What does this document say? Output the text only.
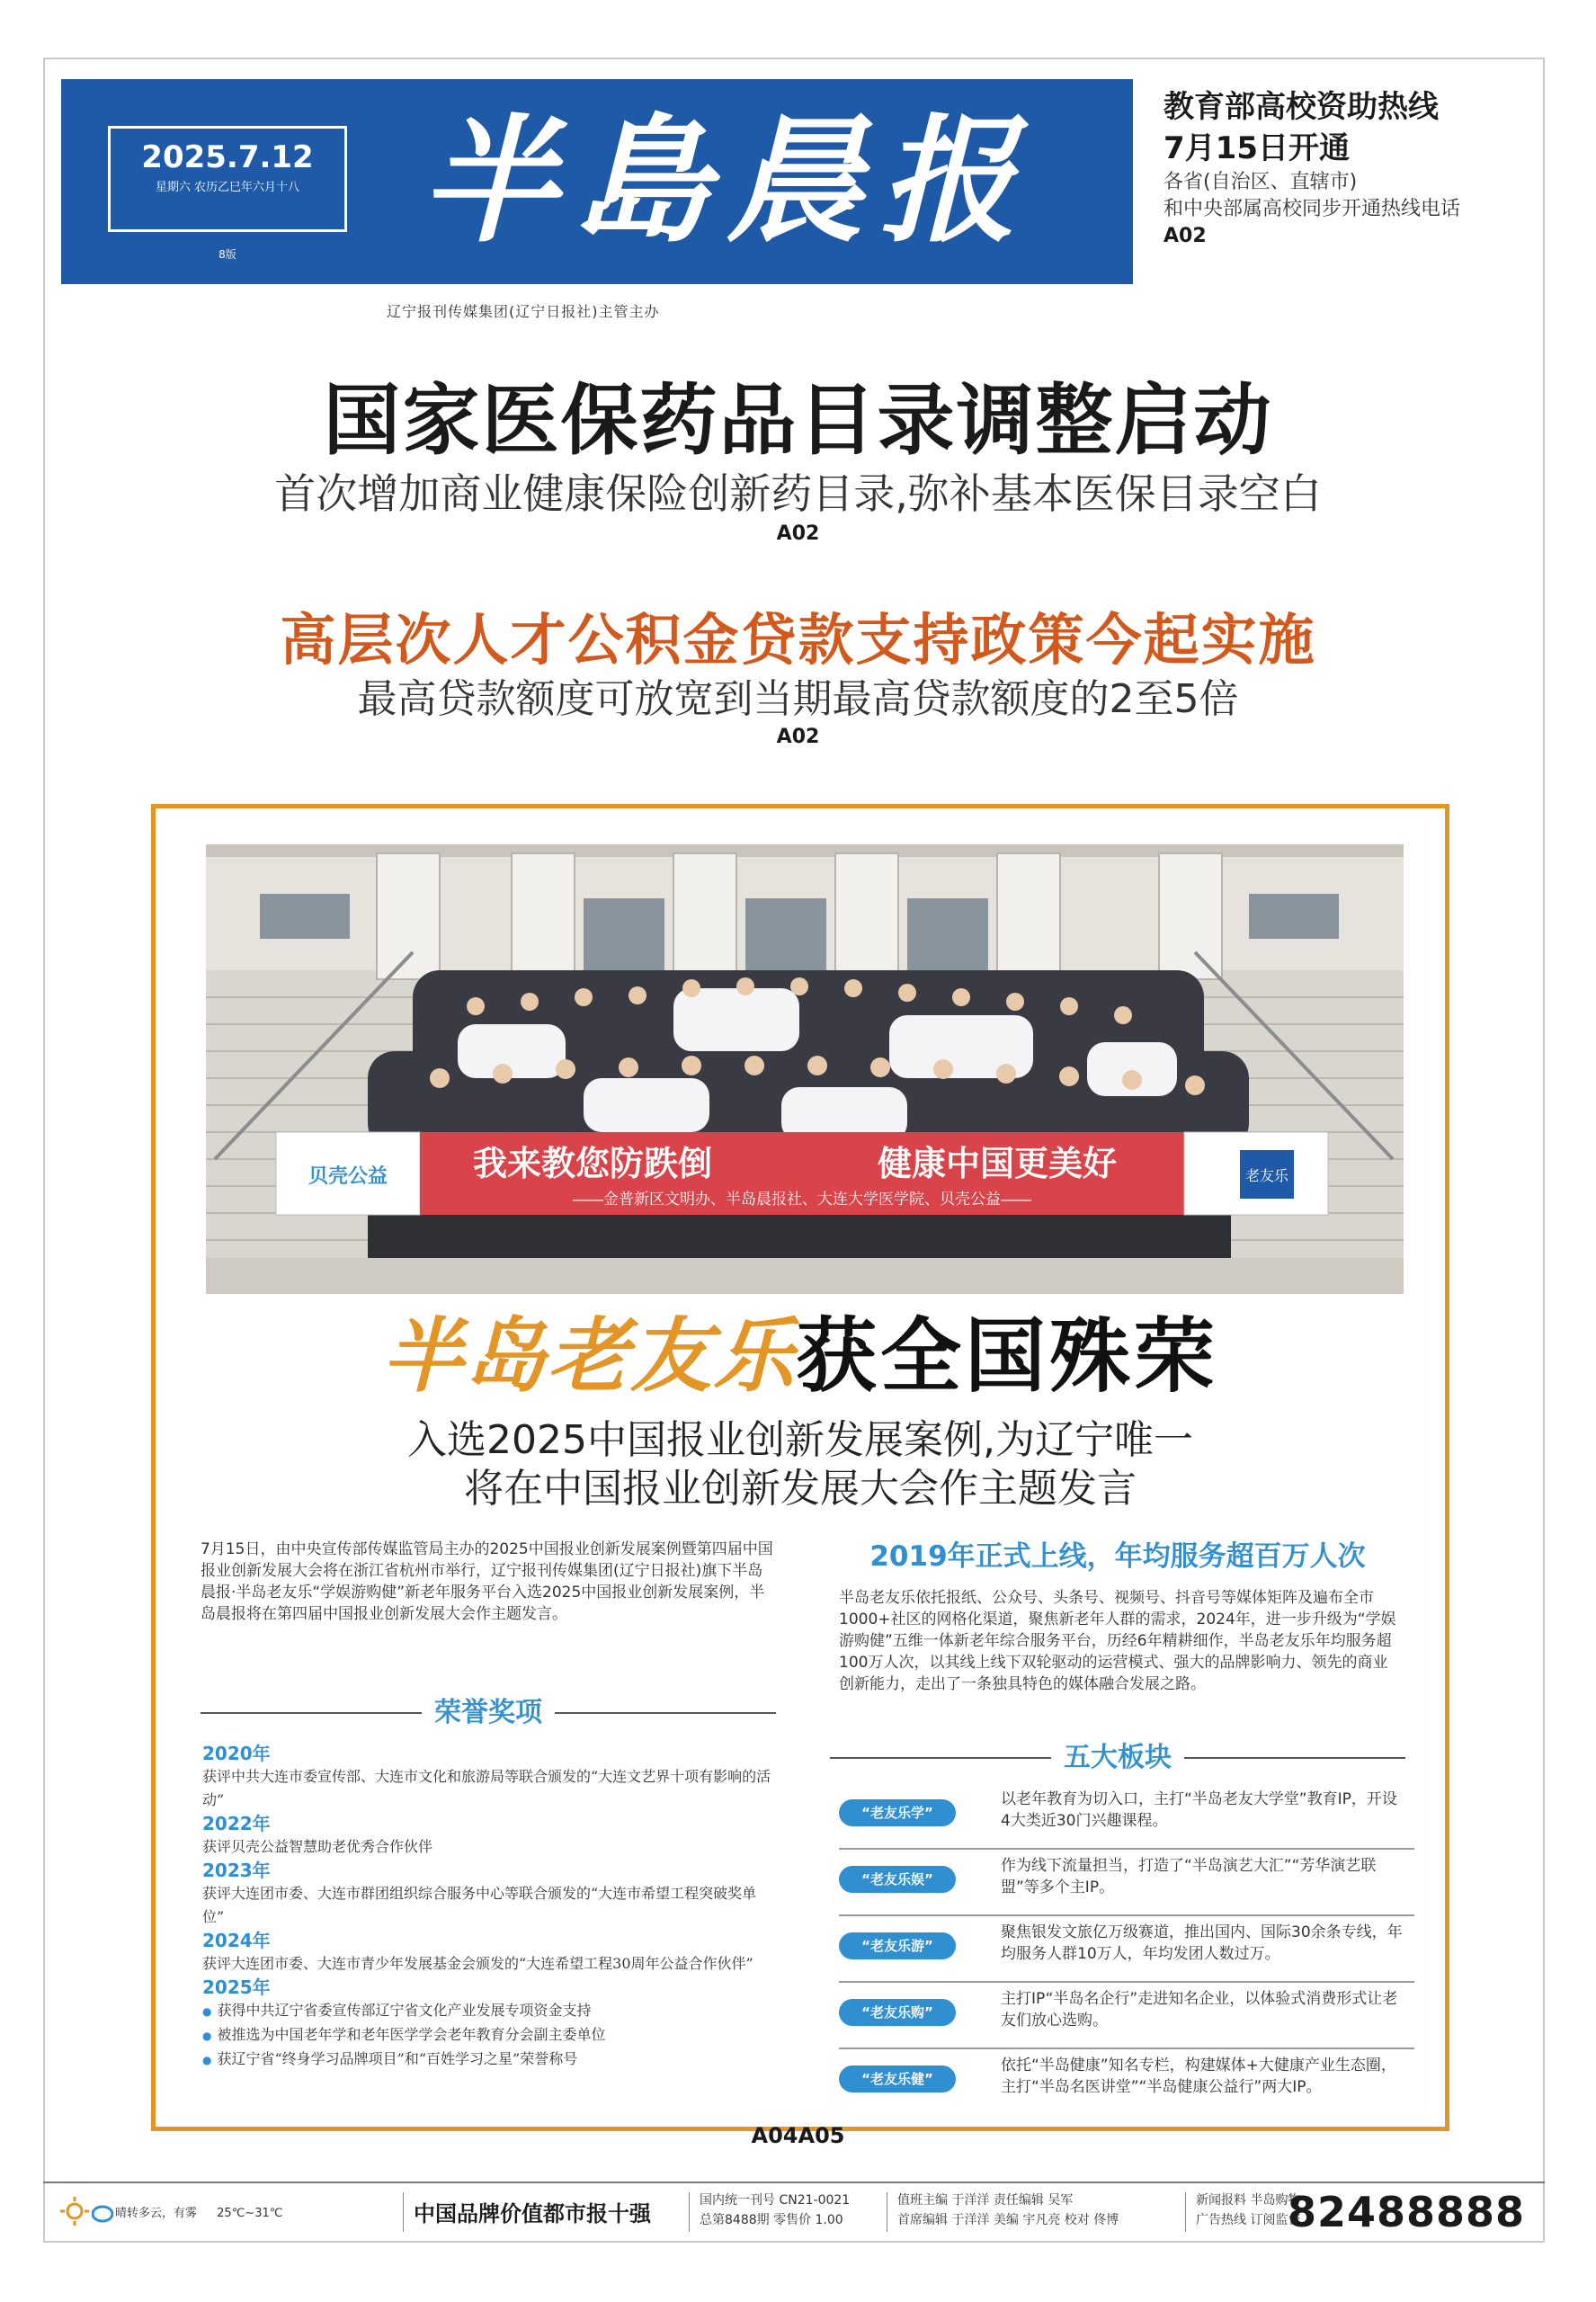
2025.7.12
星期六 农历乙巳年六月十八
8版	半島晨报
辽宁报刊传媒集团(辽宁日报社)主管主办
教育部高校资助热线
7月15日开通
各省(自治区、直辖市)
和中央部属高校同步开通热线电话
A02
国家医保药品目录调整启动
首次增加商业健康保险创新药目录,弥补基本医保目录空白
A02
高层次人才公积金贷款支持政策今起实施
最高贷款额度可放宽到当期最高贷款额度的2至5倍
A02
贝壳公益 我来教您防跌倒	健康中国更美好
——金普新区文明办、半岛晨报社、大连大学医学院、贝壳公益——
老友乐
半岛老友乐获全国殊荣
入选2025中国报业创新发展案例,为辽宁唯一
将在中国报业创新发展大会作主题发言
7月15日，由中央宣传部传媒监管局主办的2025中国报业创新发展案例暨第四届中国报业创新发展大会将在浙江省杭州市举行，辽宁报刊传媒集团(辽宁日报社)旗下半岛晨报·半岛老友乐“学娱游购健”新老年服务平台入选2025中国报业创新发展案例，半岛晨报将在第四届中国报业创新发展大会作主题发言。
2019年正式上线，年均服务超百万人次
半岛老友乐依托报纸、公众号、头条号、视频号、抖音号等媒体矩阵及遍布全市1000+社区的网格化渠道，聚焦新老年人群的需求，2024年，进一步升级为“学娱游购健”五维一体新老年综合服务平台，历经6年精耕细作，半岛老友乐年均服务超100万人次，以其线上线下双轮驱动的运营模式、强大的品牌影响力、领先的商业创新能力，走出了一条独具特色的媒体融合发展之路。
荣誉奖项
2020年
获评中共大连市委宣传部、大连市文化和旅游局等联合颁发的“大连文艺界十项有影响的活动”
2022年
获评贝壳公益智慧助老优秀合作伙伴
2023年
获评大连团市委、大连市群团组织综合服务中心等联合颁发的“大连市希望工程突破奖单位”
2024年
获评大连团市委、大连市青少年发展基金会颁发的“大连希望工程30周年公益合作伙伴”
2025年
● 获得中共辽宁省委宣传部辽宁省文化产业发展专项资金支持
● 被推选为中国老年学和老年医学学会老年教育分会副主委单位
● 获辽宁省“终身学习品牌项目”和“百姓学习之星”荣誉称号
五大板块
“老友乐学”
以老年教育为切入口，主打“半岛老友大学堂”教育IP，开设4大类近30门兴趣课程。
“老友乐娱”
作为线下流量担当，打造了“半岛演艺大汇”“芳华演艺联盟”等多个主IP。
“老友乐游”
聚焦银发文旅亿万级赛道，推出国内、国际30余条专线，年均服务人群10万人，年均发团人数过万。
“老友乐购”
主打IP“半岛名企行”走进知名企业，以体验式消费形式让老友们放心选购。
“老友乐健”
依托“半岛健康”知名专栏，构建媒体+大健康产业生态圈，主打“半岛名医讲堂”“半岛健康公益行”两大IP。
A04A05
晴转多云，有雾 25℃~31℃	中国品牌价值都市报十强	国内统一刊号 CN21-0021
总第8488期 零售价 1.00
值班主编 于洋洋 责任编辑 吴军
首席编辑 于洋洋 美编 宇凡亮 校对 佟博
新闻报料 半岛购物
广告热线 订阅监督
82488888
